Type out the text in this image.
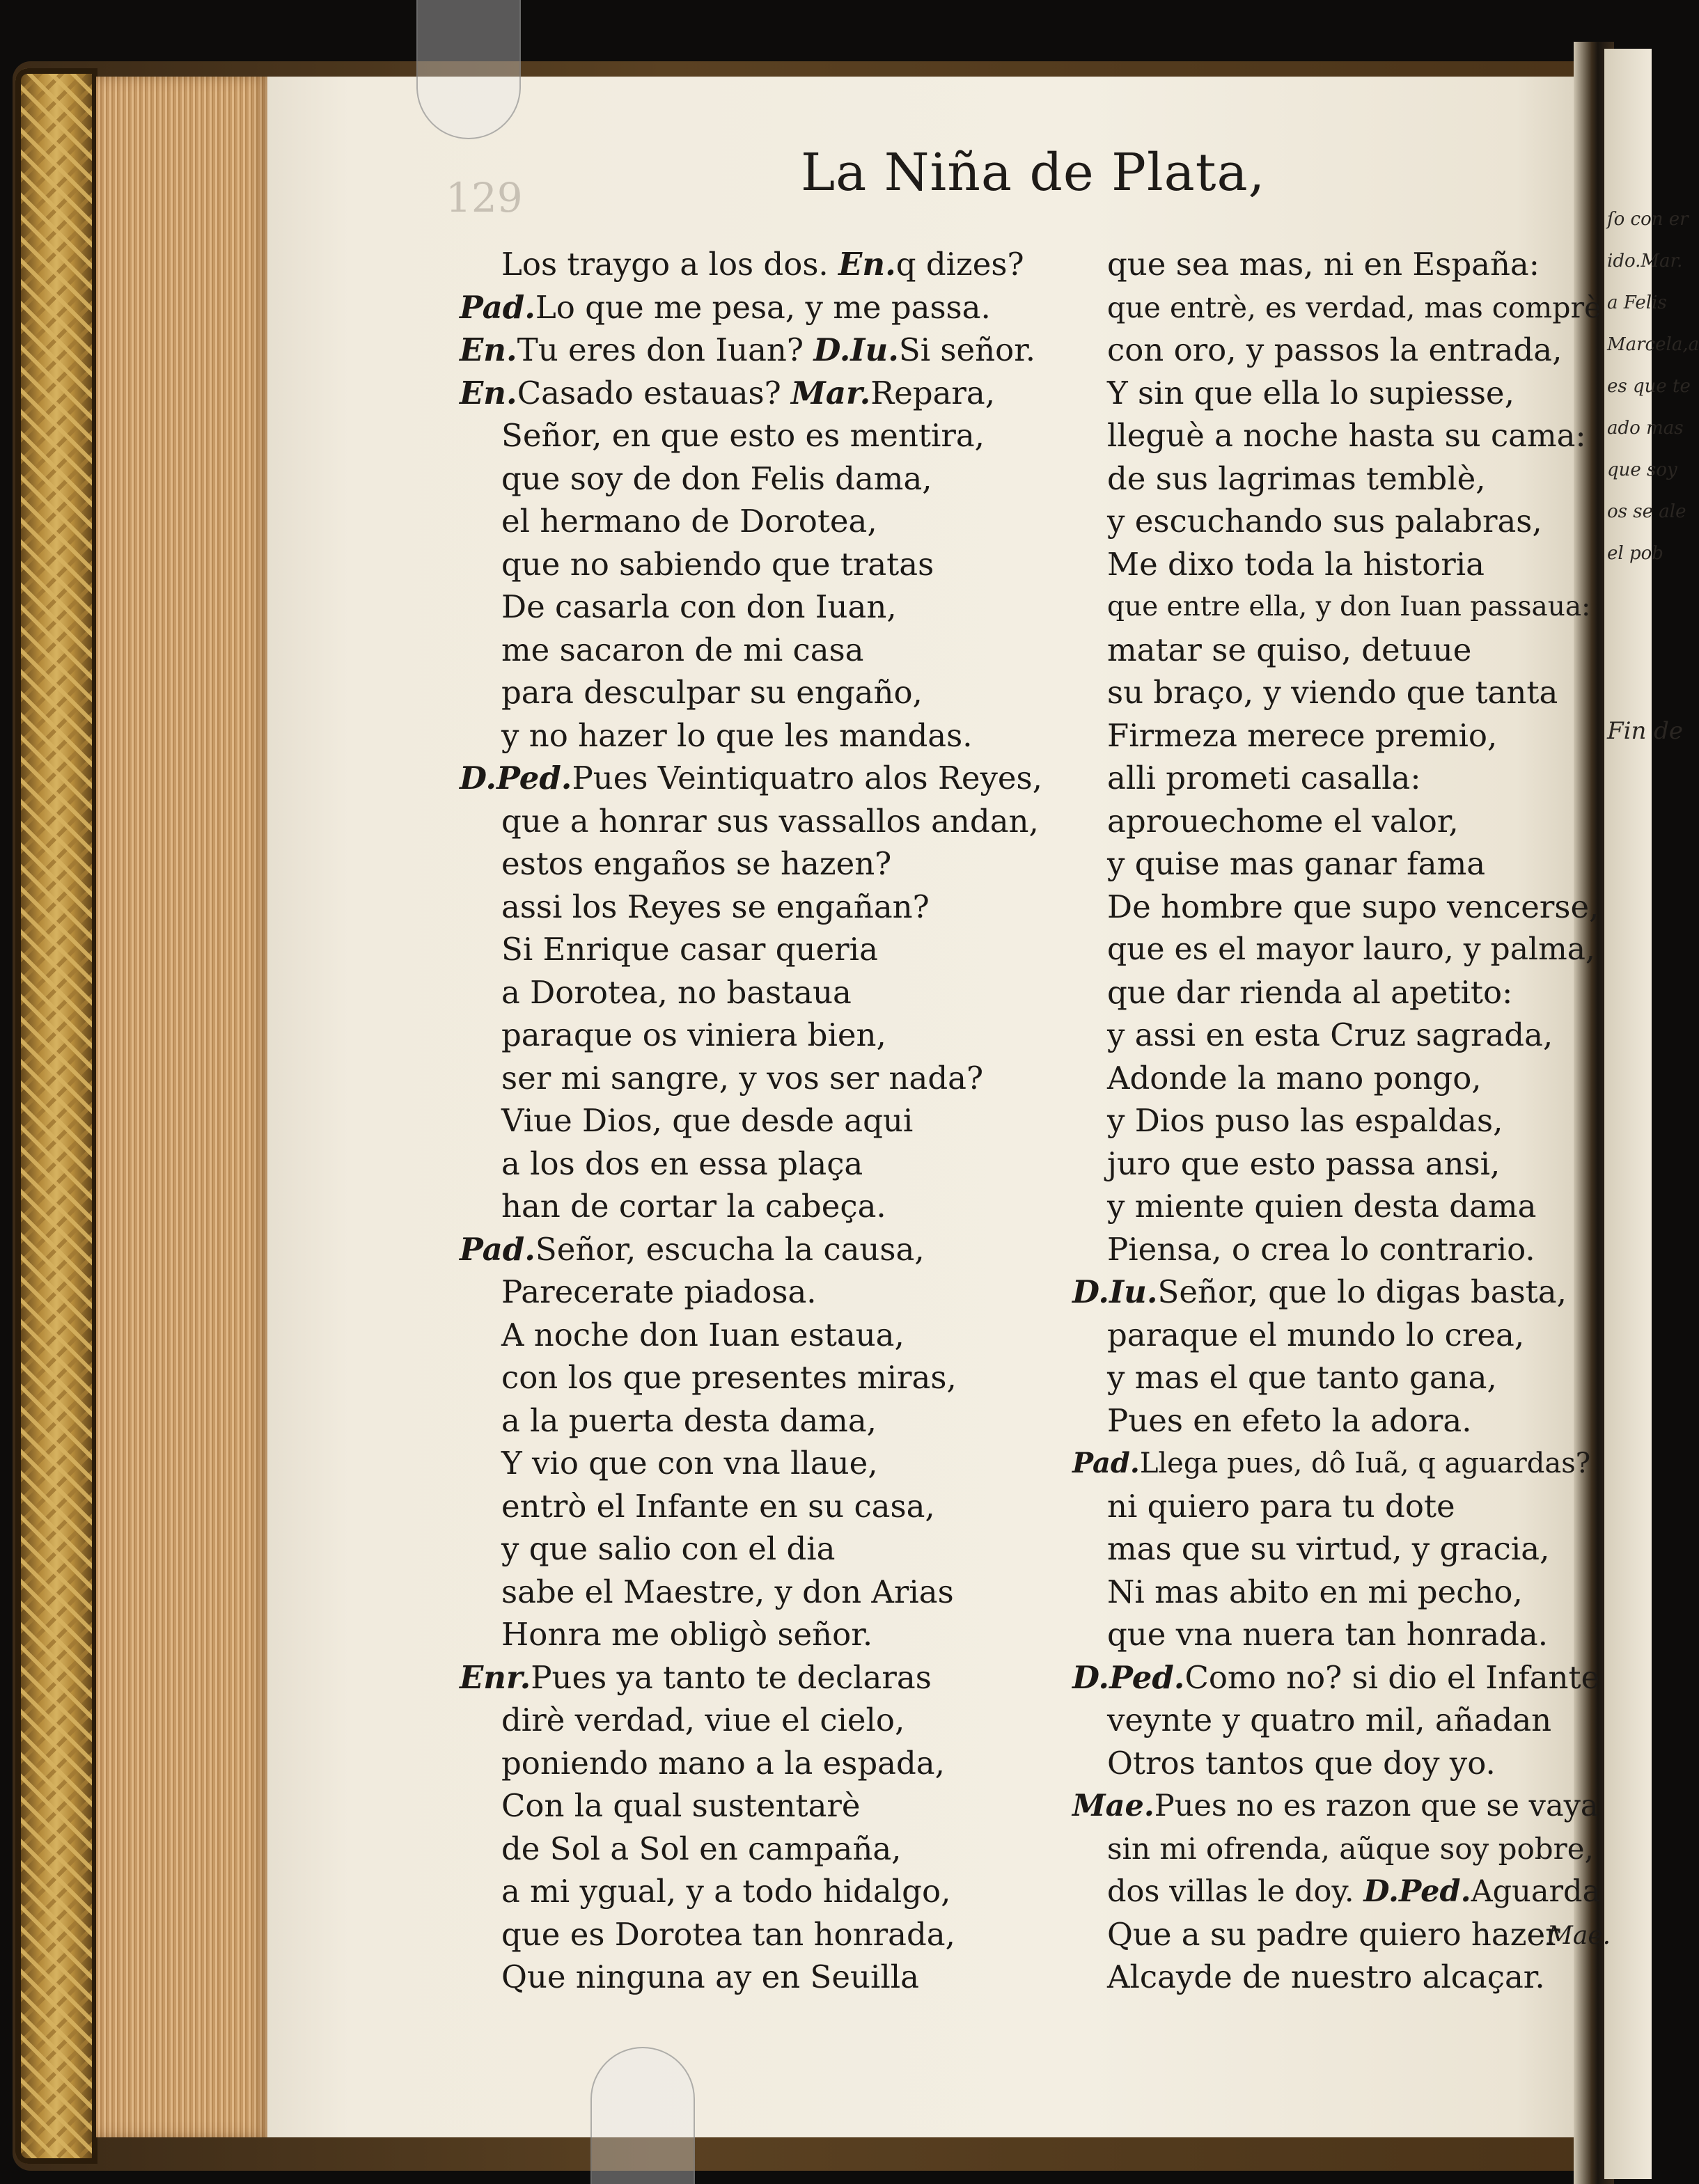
ſo con er
ido.Mar.
a Felis
Marcela,a
es que te
ado mas
que soy
os se ale
el pob
Fin de
129	La Niña de Plata,
Los traygo a los dos. En.q dizes?
Pad.Lo que me pesa, y me passa.
En.Tu eres don Iuan? D.Iu.Si señor.
En.Casado estauas? Mar.Repara,
Señor, en que esto es mentira,
que soy de don Felis dama,
el hermano de Dorotea,
que no sabiendo que tratas
De casarla con don Iuan,
me sacaron de mi casa
para desculpar su engaño,
y no hazer lo que les mandas.
D.Ped.Pues Veintiquatro alos Reyes,
que a honrar sus vassallos andan,
estos engaños se hazen?
assi los Reyes se engañan?
Si Enrique casar queria
a Dorotea, no bastaua
paraque os viniera bien,
ser mi sangre, y vos ser nada?
Viue Dios, que desde aqui
a los dos en essa plaça
han de cortar la cabeça.
Pad.Señor, escucha la causa,
Parecerate piadosa.
A noche don Iuan estaua,
con los que presentes miras,
a la puerta desta dama,
Y vio que con vna llaue,
entrò el Infante en su casa,
y que salio con el dia
sabe el Maestre, y don Arias
Honra me obligò señor.
Enr.Pues ya tanto te declaras
dirè verdad, viue el cielo,
poniendo mano a la espada,
Con la qual sustentarè
de Sol a Sol en campaña,
a mi ygual, y a todo hidalgo,
que es Dorotea tan honrada,
Que ninguna ay en Seuilla
que sea mas, ni en España:
que entrè, es verdad, mas comprè
con oro, y passos la entrada,
Y sin que ella lo supiesse,
lleguè a noche hasta su cama:
de sus lagrimas temblè,
y escuchando sus palabras,
Me dixo toda la historia
que entre ella, y don Iuan passaua:
matar se quiso, detuue
su braço, y viendo que tanta
Firmeza merece premio,
alli prometi casalla:
aprouechome el valor,
y quise mas ganar fama
De hombre que supo vencerse,
que es el mayor lauro, y palma,
que dar rienda al apetito:
y assi en esta Cruz sagrada,
Adonde la mano pongo,
y Dios puso las espaldas,
juro que esto passa ansi,
y miente quien desta dama
Piensa, o crea lo contrario.
D.Iu.Señor, que lo digas basta,
paraque el mundo lo crea,
y mas el que tanto gana,
Pues en efeto la adora.
Pad.Llega pues, dô Iuã, q aguardas?
ni quiero para tu dote
mas que su virtud, y gracia,
Ni mas abito en mi pecho,
que vna nuera tan honrada.
D.Ped.Como no? si dio el Infante
veynte y quatro mil, añadan
Otros tantos que doy yo.
Mae.Pues no es razon que se vaya
sin mi ofrenda, aũque soy pobre,
dos villas le doy. D.Ped.Aguarda
Que a su padre quiero hazer
Alcayde de nuestro alcaçar.
Mae.
